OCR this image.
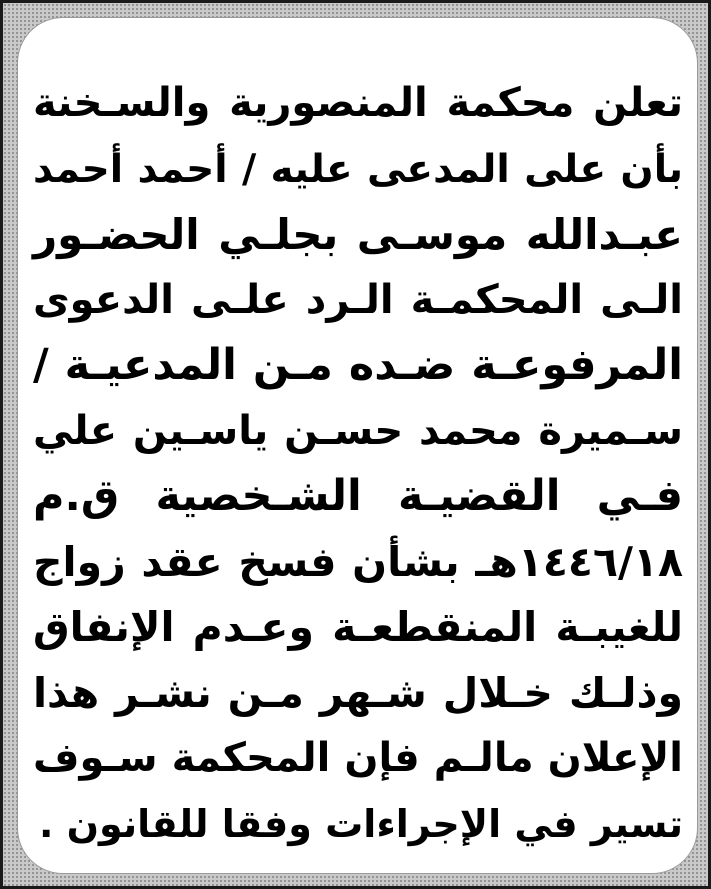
تعلن محكمة المنصورية والسـخنة
بأن على المدعى عليه / أحمد أحمد
عبـدالله موسـى بجلـي الحضـور
الـى المحكمـة الـرد علـى الدعوى
المرفوعـة ضـده مـن المدعيـة /
سـميرة محمد حسـن ياسـين علي
فـي القضيـة الشـخصية ق.م
١٤٤٦/١٨هـ بشأن فسخ عقد زواج
للغيبـة المنقطعـة وعـدم الإنفاق
وذلـك خـلال شـهر مـن نشـر هذا
الإعلان مالـم فإن المحكمة سـوف
تسير في الإجراءات وفقا للقانون .
